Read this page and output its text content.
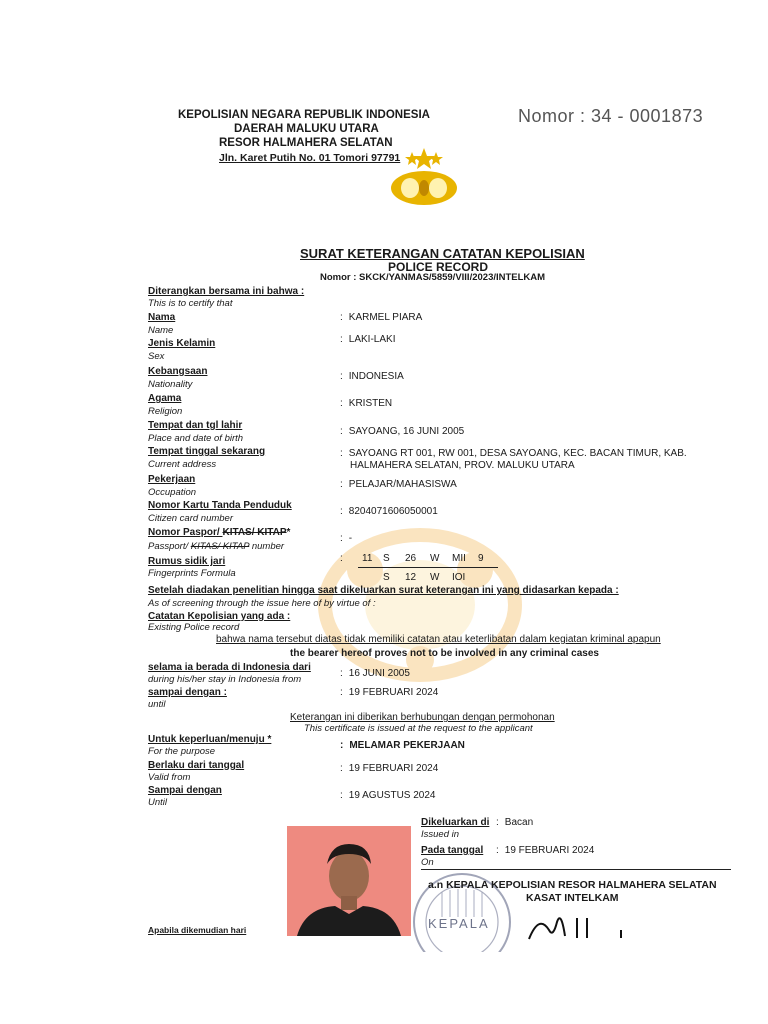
KEPOLISIAN NEGARA REPUBLIK INDONESIA
DAERAH MALUKU UTARA
RESOR HALMAHERA SELATAN
Jln. Karet Putih No. 01 Tomori 97791
Nomor : 34 - 0001873
SURAT KETERANGAN CATATAN KEPOLISIAN
POLICE RECORD
Nomor : SKCK/YANMAS/5859/VIII/2023/INTELKAM
Diterangkan bersama ini bahwa :
This is to certify that
Nama
Name
: KARMEL PIARA
Jenis Kelamin
Sex
: LAKI-LAKI
Kebangsaan
Nationality
: INDONESIA
Agama
Religion
: KRISTEN
Tempat dan tgl lahir
Place and date of birth
: SAYOANG, 16 JUNI 2005
Tempat tinggal sekarang
Current address
: SAYOANG RT 001, RW 001, DESA SAYOANG, KEC. BACAN TIMUR, KAB.
HALMAHERA SELATAN, PROV. MALUKU UTARA
Pekerjaan
Occupation
: PELAJAR/MAHASISWA
Nomor Kartu Tanda Penduduk
Citizen card number
: 8204071606050001
Nomor Paspor/ KITAS/ KITAP*
Passport/ KITAS/ KITAP number
: -
Rumus sidik jari
Fingerprints Formula
: 11 S 26 W MII 9
S 12 W IOI
Setelah diadakan penelitian hingga saat dikeluarkan surat keterangan ini yang didasarkan kepada :
As of screening through the issue here of by virtue of :
Catatan Kepolisian yang ada :
Existing Police record
bahwa nama tersebut diatas tidak memiliki catatan atau keterlibatan dalam kegiatan kriminal apapun
the bearer hereof proves not to be involved in any criminal cases
selama ia berada di Indonesia dari
during his/her stay in Indonesia from
: 16 JUNI 2005
sampai dengan :
until
: 19 FEBRUARI 2024
Keterangan ini diberikan berhubungan dengan permohonan
This certificate is issued at the request to the applicant
Untuk keperluan/menuju *
For the purpose
: MELAMAR PEKERJAAN
Berlaku dari tanggal
Valid from
: 19 FEBRUARI 2024
Sampai dengan
Until
: 19 AGUSTUS 2024
KEPALA
Dikeluarkan di
Issued in
: Bacan
Pada tanggal
On
: 19 FEBRUARI 2024
a.n KEPALA KEPOLISIAN RESOR HALMAHERA SELATAN
KASAT INTELKAM
Apabila dikemudian hari
